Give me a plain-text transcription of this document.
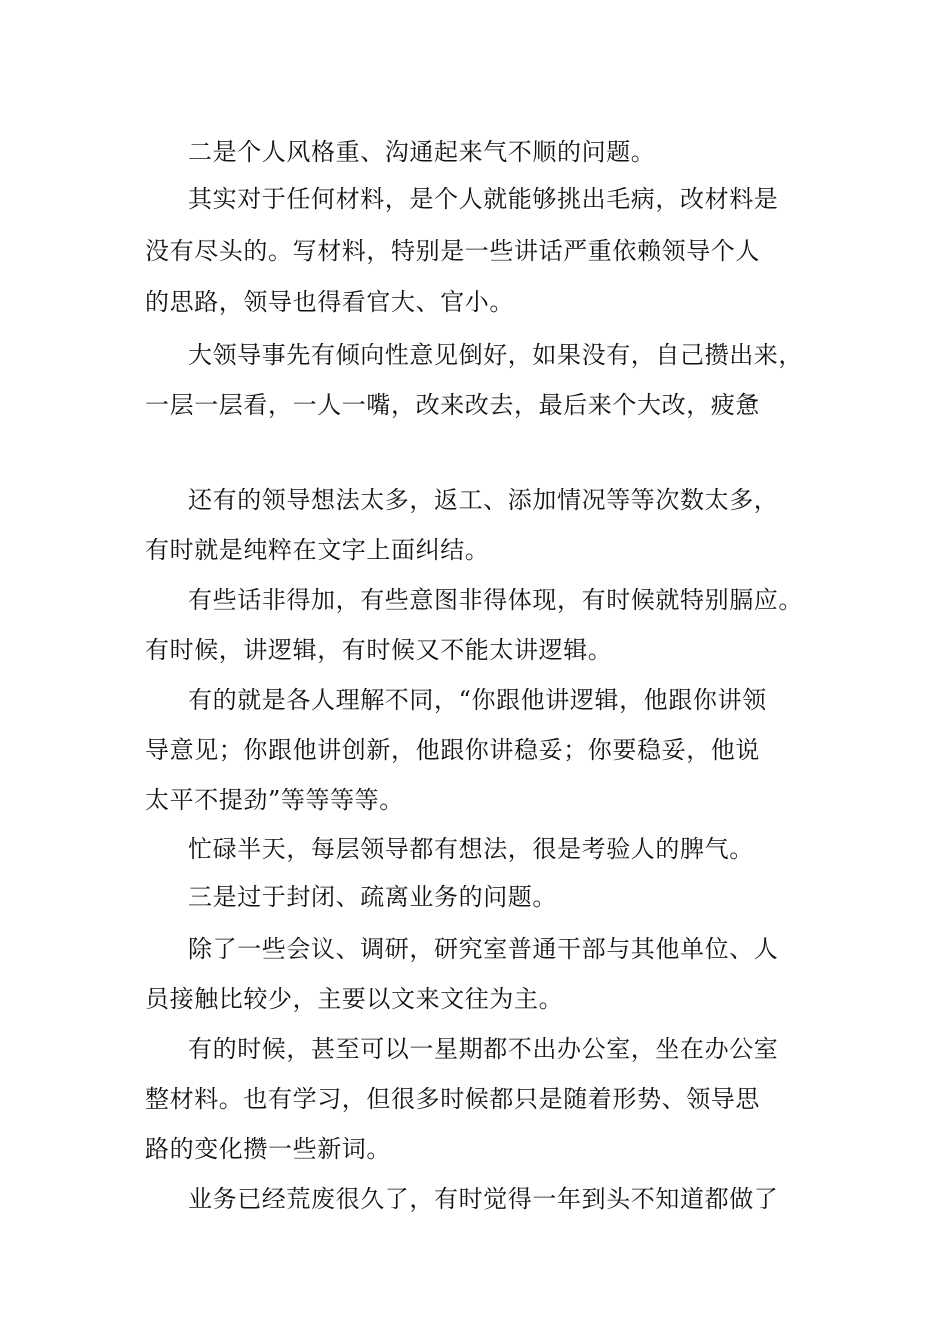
二是个人风格重、沟通起来气不顺的问题。
其实对于任何材料，是个人就能够挑出毛病，改材料是
没有尽头的。写材料，特别是一些讲话严重依赖领导个人
的思路，领导也得看官大、官小。
大领导事先有倾向性意见倒好，如果没有，自己攒出来，
一层一层看，一人一嘴，改来改去，最后来个大改，疲惫
还有的领导想法太多，返工、添加情况等等次数太多，
有时就是纯粹在文字上面纠结。
有些话非得加，有些意图非得体现，有时候就特别膈应。
有时候，讲逻辑，有时候又不能太讲逻辑。
有的就是各人理解不同，“你跟他讲逻辑，他跟你讲领
导意见；你跟他讲创新，他跟你讲稳妥；你要稳妥，他说
太平不提劲”等等等等。
忙碌半天，每层领导都有想法，很是考验人的脾气。
三是过于封闭、疏离业务的问题。
除了一些会议、调研，研究室普通干部与其他单位、人
员接触比较少，主要以文来文往为主。
有的时候，甚至可以一星期都不出办公室，坐在办公室
整材料。也有学习，但很多时候都只是随着形势、领导思
路的变化攒一些新词。
业务已经荒废很久了，有时觉得一年到头不知道都做了
